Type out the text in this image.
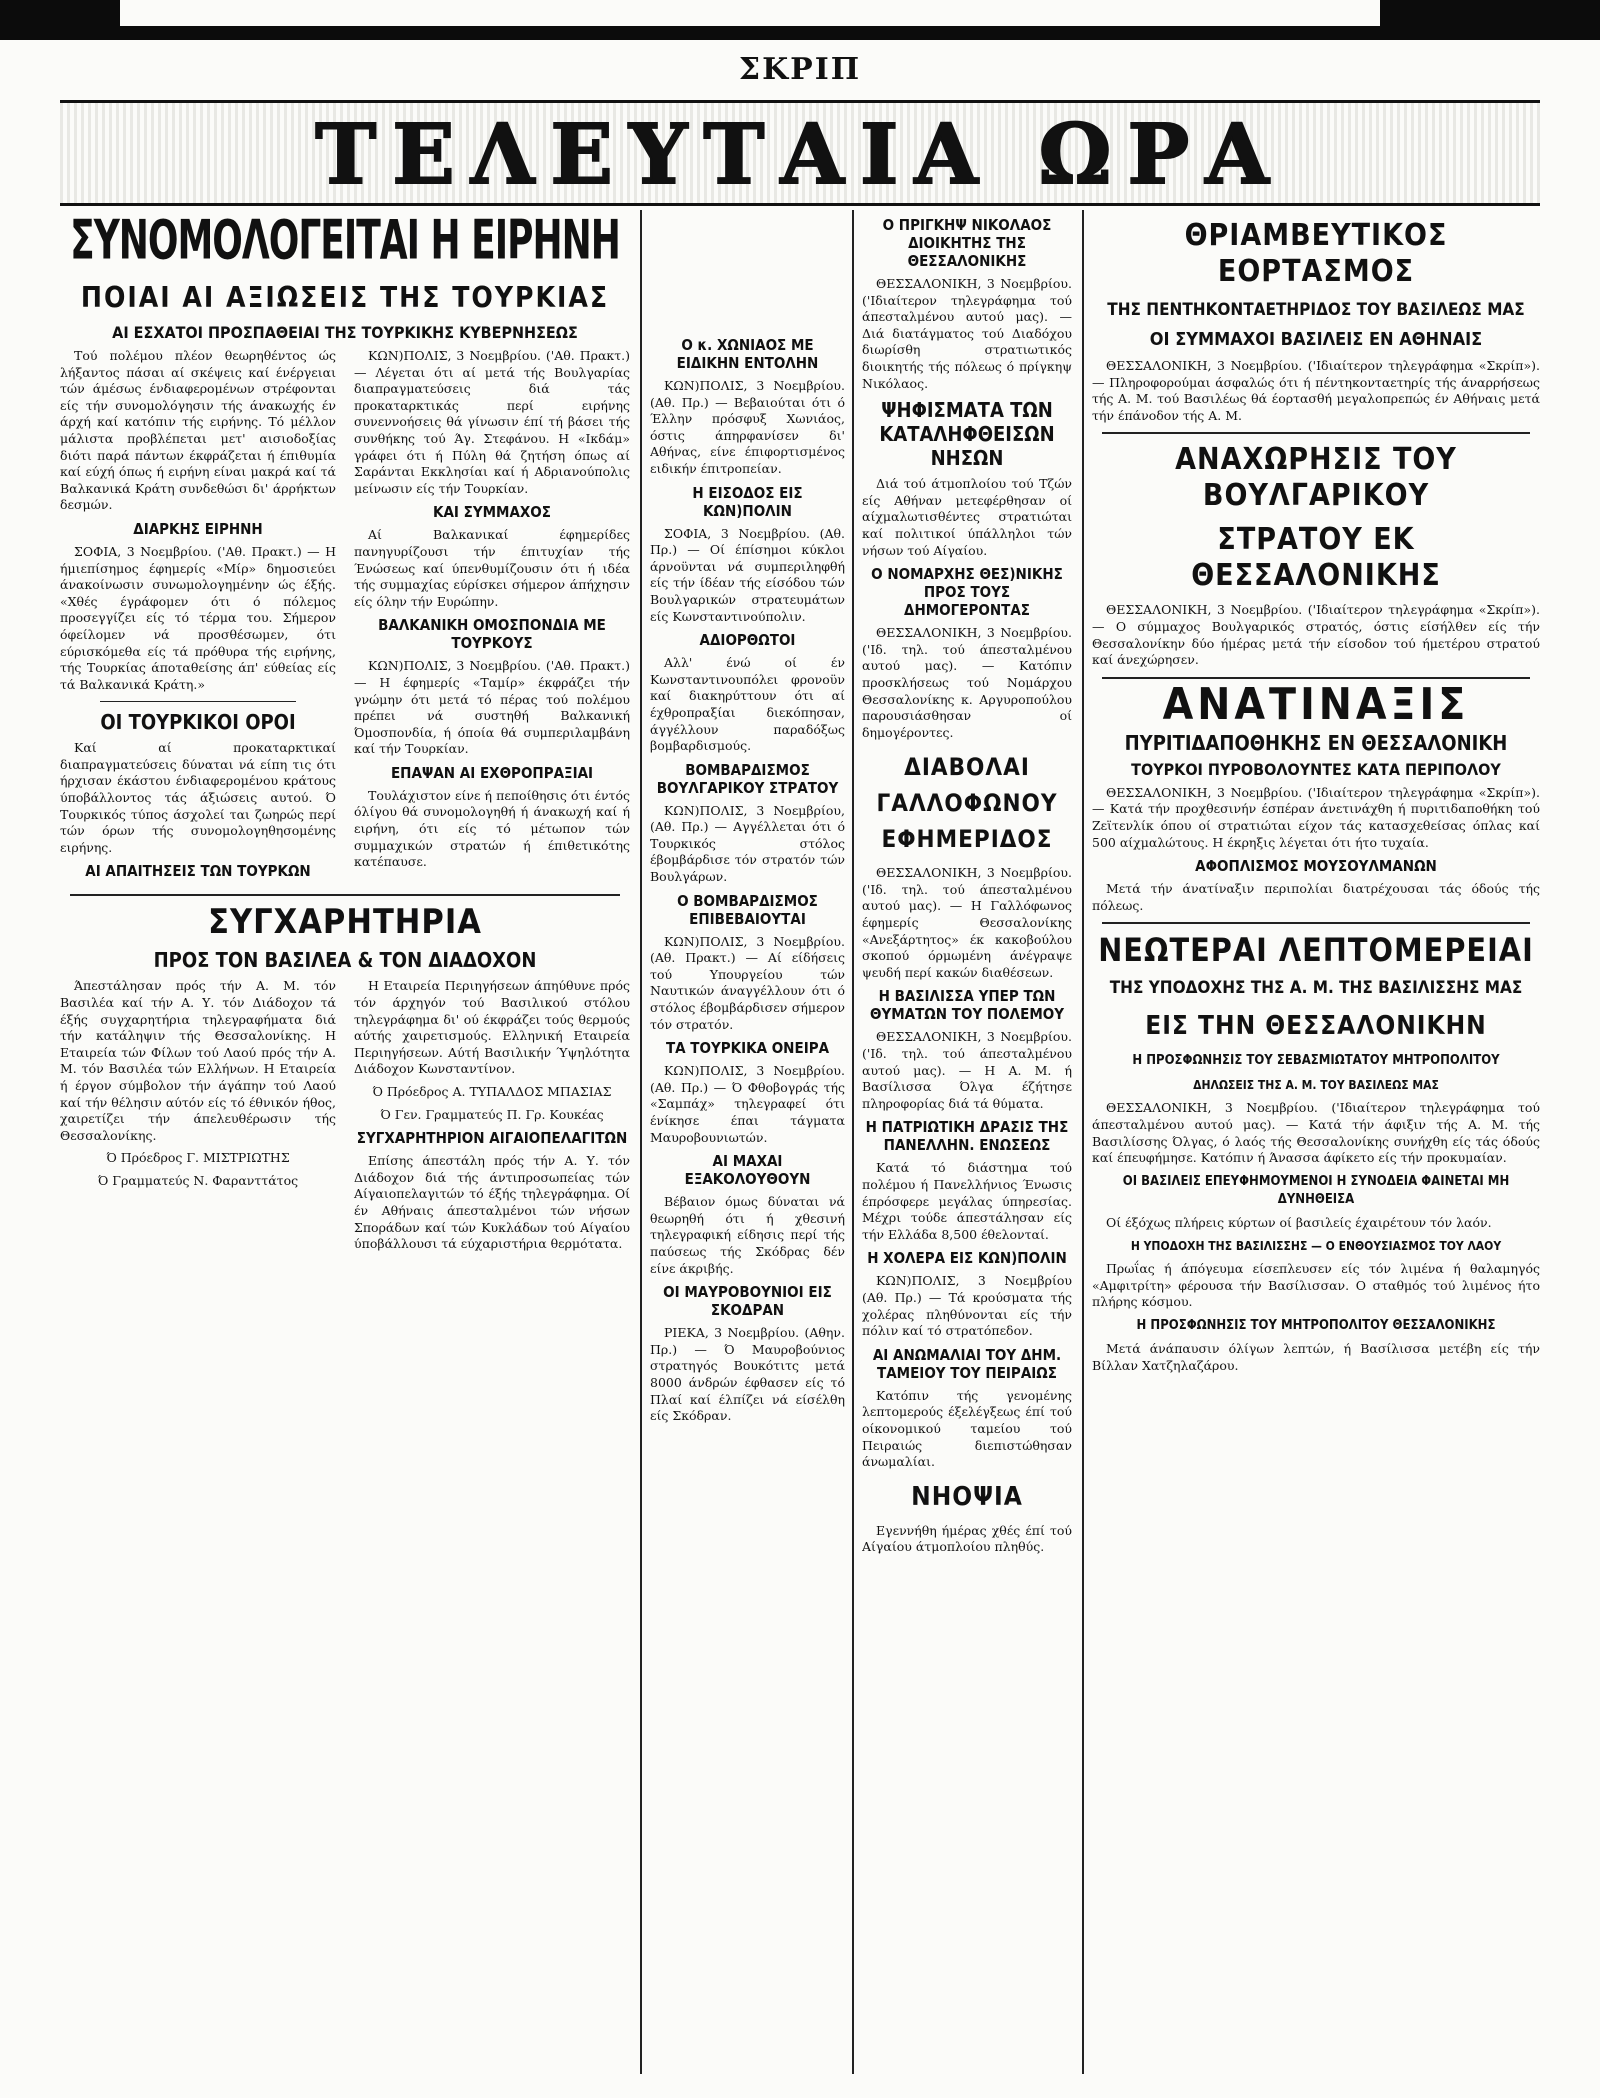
ΣΚΡΙΠ
ΤΕΛΕΥΤΑΙΑ ΩΡΑ
ΣΥΝΟΜΟΛΟΓΕΙΤΑΙ Η ΕΙΡΗΝΗ
ΠΟΙΑΙ ΑΙ ΑΞΙΩΣΕΙΣ ΤΗΣ ΤΟΥΡΚΙΑΣ
ΑΙ ΕΣΧΑΤΟΙ ΠΡΟΣΠΑΘΕΙΑΙ ΤΗΣ ΤΟΥΡΚΙΚΗΣ ΚΥΒΕΡΝΗΣΕΩΣ

Τού πολέμου πλέον θεωρηθέντος ώς λήξαντος πάσαι αί σκέψεις καί ένέργειαι τών άμέσως ένδιαφερομένων στρέφονται είς τήν συνομολόγησιν τής άνακωχής έν άρχή καί κατόπιν τής ειρήνης. Τό μέλλον μάλιστα προβλέπεται μετ' αισιοδοξίας διότι παρά πάντων έκφράζεται ή έπιθυμία καί εύχή όπως ή ειρήνη είναι μακρά καί τά Βαλκανικά Κράτη συνδεθώσι δι' άρρήκτων δεσμών.

ΔΙΑΡΚΗΣ ΕΙΡΗΝΗ

ΣΟΦΙΑ, 3 Νοεμβρίου. ('Αθ. Πρακτ.) — Η ήμιεπίσημος έφημερίς «Μίρ» δημοσιεύει άνακοίνωσιν συνωμολογημένην ώς έξής. «Χθές έγράφομεν ότι ό πόλεμος προσεγγίζει είς τό τέρμα του. Σήμερον όφείλομεν νά προσθέσωμεν, ότι εύρισκόμεθα είς τά πρόθυρα τής ειρήνης, τής Τουρκίας άποταθείσης άπ' εύθείας είς τά Βαλκανικά Κράτη.»

ΟΙ ΤΟΥΡΚΙΚΟΙ ΟΡΟΙ

Καί αί προκαταρκτικαί διαπραγματεύσεις δύναται νά είπη τις ότι ήρχισαν έκάστου ένδιαφερομένου κράτους ύποβάλλοντος τάς άξιώσεις αυτού. Ό Τουρκικός τύπος άσχολεί ται ζωηρώς περί τών όρων τής συνομολογηθησομένης ειρήνης.

ΑΙ ΑΠΑΙΤΗΣΕΙΣ ΤΩΝ ΤΟΥΡΚΩΝ

ΚΩΝ)ΠΟΛΙΣ, 3 Νοεμβρίου. ('Αθ. Πρακτ.) — Λέγεται ότι αί μετά τής Βουλγαρίας διαπραγματεύσεις διά τάς προκαταρκτικάς περί ειρήνης συνεννοήσεις θά γίνωσιν έπί τή βάσει τής συνθήκης τού Άγ. Στεφάνου. Η «Ικδάμ» γράφει ότι ή Πύλη θά ζητήση όπως αί Σαράνται Εκκλησίαι καί ή Αδριανούπολις μείνωσιν είς τήν Τουρκίαν.

ΚΑΙ ΣΥΜΜΑΧΟΣ

Αί Βαλκανικαί έφημερίδες πανηγυρίζουσι τήν έπιτυχίαν τής Ένώσεως καί ύπενθυμίζουσιν ότι ή ιδέα τής συμμαχίας εύρίσκει σήμερον άπήχησιν είς όλην τήν Ευρώπην.

ΒΑΛΚΑΝΙΚΗ ΟΜΟΣΠΟΝΔΙΑ ΜΕ ΤΟΥΡΚΟΥΣ

ΚΩΝ)ΠΟΛΙΣ, 3 Νοεμβρίου. ('Αθ. Πρακτ.) — Η έφημερίς «Ταμίρ» έκφράζει τήν γνώμην ότι μετά τό πέρας τού πολέμου πρέπει νά συστηθή Βαλκανική Όμοσπονδία, ή όποία θά συμπεριλαμβάνη καί τήν Τουρκίαν.

ΕΠΑΨΑΝ ΑΙ ΕΧΘΡΟΠΡΑΞΙΑΙ

Τουλάχιστον είνε ή πεποίθησις ότι έντός όλίγου θά συνομολογηθή ή άνακωχή καί ή ειρήνη, ότι είς τό μέτωπον τών συμμαχικών στρατών ή έπιθετικότης κατέπαυσε.

ΣΥΓΧΑΡΗΤΗΡΙΑ
ΠΡΟΣ ΤΟΝ ΒΑΣΙΛΕΑ & ΤΟΝ ΔΙΑΔΟΧΟΝ

Άπεστάλησαν πρός τήν Α. Μ. τόν Βασιλέα καί τήν Α. Υ. τόν Διάδοχον τά έξής συγχαρητήρια τηλεγραφήματα διά τήν κατάληψιν τής Θεσσαλονίκης. Η Εταιρεία τών Φίλων τού Λαού πρός τήν Α. Μ. τόν Βασιλέα τών Ελλήνων. Η Εταιρεία ή έργον σύμβολον τήν άγάπην τού Λαού καί τήν θέλησιν αύτόν είς τό έθνικόν ήθος, χαιρετίζει τήν άπελευθέρωσιν τής Θεσσαλονίκης.

Ό Πρόεδρος Γ. ΜΙΣΤΡΙΩΤΗΣ
Ό Γραμματεύς Ν. Φαρανττάτος

Η Εταιρεία Περιηγήσεων άπηύθυνε πρός τόν άρχηγόν τού Βασιλικού στόλου τηλεγράφημα δι' ού έκφράζει τούς θερμούς αύτής χαιρετισμούς. Ελληνική Εταιρεία Περιηγήσεων. Αύτή Βασιλικήν Ύψηλότητα Διάδοχον Κωνσταντίνον.

Ό Πρόεδρος Α. ΤΥΠΑΛΔΟΣ ΜΠΑΣΙΑΣ
Ό Γεν. Γραμματεύς Π. Γρ. Κουκέας
ΣΥΓΧΑΡΗΤΗΡΙΟΝ ΑΙΓΑΙΟΠΕΛΑΓΙΤΩΝ

Επίσης άπεστάλη πρός τήν Α. Υ. τόν Διάδοχον διά τής άντιπροσωπείας τών Αίγαιοπελαγιτών τό έξής τηλεγράφημα. Οί έν Αθήναις άπεσταλμένοι τών νήσων Σποράδων καί τών Κυκλάδων τού Αίγαίου ύποβάλλουσι τά εύχαριστήρια θερμότατα.

Ο κ. ΧΩΝΙΑΟΣ ΜΕ ΕΙΔΙΚΗΝ ΕΝΤΟΛΗΝ

ΚΩΝ)ΠΟΛΙΣ, 3 Νοεμβρίου. (Αθ. Πρ.) — Βεβαιούται ότι ό Έλλην πρόσφυξ Χωνιάος, όστις άπηρφανίσεν δι' Αθήνας, είνε έπιφορτισμένος ειδικήν έπιτροπείαν.

Η ΕΙΣΟΔΟΣ ΕΙΣ ΚΩΝ)ΠΟΛΙΝ

ΣΟΦΙΑ, 3 Νοεμβρίου. (Αθ. Πρ.) — Οί έπίσημοι κύκλοι άρνοϋνται νά συμπεριληφθή είς τήν ίδέαν τής είσόδου τών Βουλγαρικών στρατευμάτων είς Κωνσταντινούπολιν.

ΑΔΙΟΡΘΩΤΟΙ

Αλλ' ένώ οί έν Κωνσταντινουπόλει φρονοϋν καί διακηρύττουν ότι αί έχθροπραξίαι διεκόπησαν, άγγέλλουν παραδόξως βομβαρδισμούς.

ΒΟΜΒΑΡΔΙΣΜΟΣ ΒΟΥΛΓΑΡΙΚΟΥ ΣΤΡΑΤΟΥ

ΚΩΝ)ΠΟΛΙΣ, 3 Νοεμβρίου, (Αθ. Πρ.) — Αγγέλλεται ότι ό Τουρκικός στόλος έβομβάρδισε τόν στρατόν τών Βουλγάρων.

Ο ΒΟΜΒΑΡΔΙΣΜΟΣ ΕΠΙΒΕΒΑΙΟΥΤΑΙ

ΚΩΝ)ΠΟΛΙΣ, 3 Νοεμβρίου. (Αθ. Πρακτ.) — Αί είδήσεις τού Υπουργείου τών Ναυτικών άναγγέλλουν ότι ό στόλος έβομβάρδισεν σήμερον τόν στρατόν.

ΤΑ ΤΟΥΡΚΙΚΑ ΟΝΕΙΡΑ

ΚΩΝ)ΠΟΛΙΣ, 3 Νοεμβρίου. (Αθ. Πρ.) — Ό Φθοβογράς τής «Σαμπάχ» τηλεγραφεί ότι ένίκησε έπαι τάγματα Μαυροβουνιωτών.

ΑΙ ΜΑΧΑΙ ΕΞΑΚΟΛΟΥΘΟΥΝ

Βέβαιον όμως δύναται νά θεωρηθή ότι ή χθεσινή τηλεγραφική είδησις περί τής παύσεως τής Σκόδρας δέν είνε άκριβής.

ΟΙ ΜΑΥΡΟΒΟΥΝΙΟΙ ΕΙΣ ΣΚΟΔΡΑΝ

ΡΙΕΚΑ, 3 Νοεμβρίου. (Αθην. Πρ.) — Ό Μαυροβούνιος στρατηγός Βουκότιτς μετά 8000 άνδρών έφθασεν είς τό Πλαί καί έλπίζει νά είσέλθη είς Σκόδραν.

Ο ΠΡΙΓΚΗΨ ΝΙΚΟΛΑΟΣ ΔΙΟΙΚΗΤΗΣ ΤΗΣ ΘΕΣΣΑΛΟΝΙΚΗΣ

ΘΕΣΣΑΛΟΝΙΚΗ, 3 Νοεμβρίου. ('Ιδιαίτερον τηλεγράφημα τού άπεσταλμένου αυτού μας). — Διά διατάγματος τού Διαδόχου διωρίσθη στρατιωτικός διοικητής τής πόλεως ό πρίγκηψ Νικόλαος.

ΨΗΦΙΣΜΑΤΑ ΤΩΝ ΚΑΤΑΛΗΦΘΕΙΣΩΝ ΝΗΣΩΝ

Διά τού άτμοπλοίου τού Τζών είς Αθήναν μετεφέρθησαν οί αίχμαλωτισθέντες στρατιώται καί πολιτικοί ύπάλληλοι τών νήσων τού Αίγαίου.

Ο ΝΟΜΑΡΧΗΣ ΘΕΣ)ΝΙΚΗΣ ΠΡΟΣ ΤΟΥΣ ΔΗΜΟΓΕΡΟΝΤΑΣ

ΘΕΣΣΑΛΟΝΙΚΗ, 3 Νοεμβρίου. ('Ιδ. τηλ. τού άπεσταλμένου αυτού μας). — Κατόπιν προσκλήσεως τού Νομάρχου Θεσσαλονίκης κ. Αργυροπούλου παρουσιάσθησαν οί δημογέροντες.

ΔΙΑΒΟΛΑΙ ΓΑΛΛΟΦΩΝΟΥ ΕΦΗΜΕΡΙΔΟΣ

ΘΕΣΣΑΛΟΝΙΚΗ, 3 Νοεμβρίου. ('Ιδ. τηλ. τού άπεσταλμένου αυτού μας). — Η Γαλλόφωνος έφημερίς Θεσσαλονίκης «Ανεξάρτητος» έκ κακοβούλου σκοπού όρμωμένη άνέγραψε ψευδή περί κακών διαθέσεων.

Η ΒΑΣΙΛΙΣΣΑ ΥΠΕΡ ΤΩΝ ΘΥΜΑΤΩΝ ΤΟΥ ΠΟΛΕΜΟΥ

ΘΕΣΣΑΛΟΝΙΚΗ, 3 Νοεμβρίου. ('Ιδ. τηλ. τού άπεσταλμένου αυτού μας). — Η Α. Μ. ή Βασίλισσα Όλγα έζήτησε πληροφορίας διά τά θύματα.

Η ΠΑΤΡΙΩΤΙΚΗ ΔΡΑΣΙΣ ΤΗΣ ΠΑΝΕΛΛΗΝ. ΕΝΩΣΕΩΣ

Κατά τό διάστημα τού πολέμου ή Πανελλήνιος Ένωσις έπρόσφερε μεγάλας ύπηρεσίας. Μέχρι τούδε άπεστάλησαν είς τήν Ελλάδα 8,500 έθελονταί.

Η ΧΟΛΕΡΑ ΕΙΣ ΚΩΝ)ΠΟΛΙΝ

ΚΩΝ)ΠΟΛΙΣ, 3 Νοεμβρίου (Αθ. Πρ.) — Τά κρούσματα τής χολέρας πληθύνονται είς τήν πόλιν καί τό στρατόπεδον.

ΑΙ ΑΝΩΜΑΛΙΑΙ ΤΟΥ ΔΗΜ. ΤΑΜΕΙΟΥ ΤΟΥ ΠΕΙΡΑΙΩΣ

Κατόπιν τής γενομένης λεπτομερούς έξελέγξεως έπί τού οίκονομικού ταμείου τού Πειραιώς διεπιστώθησαν άνωμαλίαι.

ΝΗΟΨΙΑ

Εγεννήθη ήμέρας χθές έπί τού Αίγαίου άτμοπλοίου πληθύς.

ΘΡΙΑΜΒΕΥΤΙΚΟΣ ΕΟΡΤΑΣΜΟΣ
ΤΗΣ ΠΕΝΤΗΚΟΝΤΑΕΤΗΡΙΔΟΣ ΤΟΥ ΒΑΣΙΛΕΩΣ ΜΑΣ
ΟΙ ΣΥΜΜΑΧΟΙ ΒΑΣΙΛΕΙΣ ΕΝ ΑΘΗΝΑΙΣ

ΘΕΣΣΑΛΟΝΙΚΗ, 3 Νοεμβρίου. ('Ιδιαίτερον τηλεγράφημα «Σκρίπ»). — Πληροφορούμαι άσφαλώς ότι ή πέντηκονταετηρίς τής άναρρήσεως τής Α. Μ. τού Βασιλέως θά έορτασθή μεγαλοπρεπώς έν Αθήναις μετά τήν έπάνοδον τής Α. Μ.

ΑΝΑΧΩΡΗΣΙΣ ΤΟΥ ΒΟΥΛΓΑΡΙΚΟΥ
ΣΤΡΑΤΟΥ ΕΚ ΘΕΣΣΑΛΟΝΙΚΗΣ

ΘΕΣΣΑΛΟΝΙΚΗ, 3 Νοεμβρίου. ('Ιδιαίτερον τηλεγράφημα «Σκρίπ»). — Ο σύμμαχος Βουλγαρικός στρατός, όστις είσήλθεν είς τήν Θεσσαλονίκην δύο ήμέρας μετά τήν είσοδον τού ήμετέρου στρατού καί άνεχώρησεν.

ΑΝΑΤΙΝΑΞΙΣ
ΠΥΡΙΤΙΔΑΠΟΘΗΚΗΣ ΕΝ ΘΕΣΣΑΛΟΝΙΚΗ
ΤΟΥΡΚΟΙ ΠΥΡΟΒΟΛΟΥΝΤΕΣ ΚΑΤΑ ΠΕΡΙΠΟΛΟΥ

ΘΕΣΣΑΛΟΝΙΚΗ, 3 Νοεμβρίου. ('Ιδιαίτερον τηλεγράφημα «Σκρίπ»). — Κατά τήν προχθεσινήν έσπέραν άνετινάχθη ή πυριτιδαποθήκη τού Ζεϊτενλίκ όπου οί στρατιώται είχον τάς κατασχεθείσας όπλας καί 500 αίχμαλώτους. Η έκρηξις λέγεται ότι ήτο τυχαία.

ΑΦΟΠΛΙΣΜΟΣ ΜΟΥΣΟΥΛΜΑΝΩΝ

Μετά τήν άνατίναξιν περιπολίαι διατρέχουσαι τάς όδούς τής πόλεως.

ΝΕΩΤΕΡΑΙ ΛΕΠΤΟΜΕΡΕΙΑΙ
ΤΗΣ ΥΠΟΔΟΧΗΣ ΤΗΣ Α. Μ. ΤΗΣ ΒΑΣΙΛΙΣΣΗΣ ΜΑΣ
ΕΙΣ ΤΗΝ ΘΕΣΣΑΛΟΝΙΚΗΝ
Η ΠΡΟΣΦΩΝΗΣΙΣ ΤΟΥ ΣΕΒΑΣΜΙΩΤΑΤΟΥ ΜΗΤΡΟΠΟΛΙΤΟΥ
ΔΗΛΩΣΕΙΣ ΤΗΣ Α. Μ. ΤΟΥ ΒΑΣΙΛΕΩΣ ΜΑΣ

ΘΕΣΣΑΛΟΝΙΚΗ, 3 Νοεμβρίου. ('Ιδιαίτερον τηλεγράφημα τού άπεσταλμένου αυτού μας). — Κατά τήν άφιξιν τής Α. Μ. τής Βασιλίσσης Όλγας, ό λαός τής Θεσσαλονίκης συνήχθη είς τάς όδούς καί έπευφήμησε. Κατόπιν ή Άνασσα άφίκετο είς τήν προκυμαίαν.

ΟΙ ΒΑΣΙΛΕΙΣ ΕΠΕΥΦΗΜΟΥΜΕΝΟΙ Η ΣΥΝΟΔΕΙΑ ΦΑΙΝΕΤΑΙ ΜΗ ΔΥΝΗΘΕΙΣΑ

Οί έξόχως πλήρεις κύρτων οί βασιλείς έχαιρέτουν τόν λαόν.

Η ΥΠΟΔΟΧΗ ΤΗΣ ΒΑΣΙΛΙΣΣΗΣ — Ο ΕΝΘΟΥΣΙΑΣΜΟΣ ΤΟΥ ΛΑΟΥ

Πρωΐας ή άπόγευμα είσεπλευσεν είς τόν λιμένα ή θαλαμηγός «Αμφιτρίτη» φέρουσα τήν Βασίλισσαν. Ο σταθμός τού λιμένος ήτο πλήρης κόσμου.

Η ΠΡΟΣΦΩΝΗΣΙΣ ΤΟΥ ΜΗΤΡΟΠΟΛΙΤΟΥ ΘΕΣΣΑΛΟΝΙΚΗΣ

Μετά άνάπαυσιν όλίγων λεπτών, ή Βασίλισσα μετέβη είς τήν Βίλλαν Χατζηλαζάρου.
